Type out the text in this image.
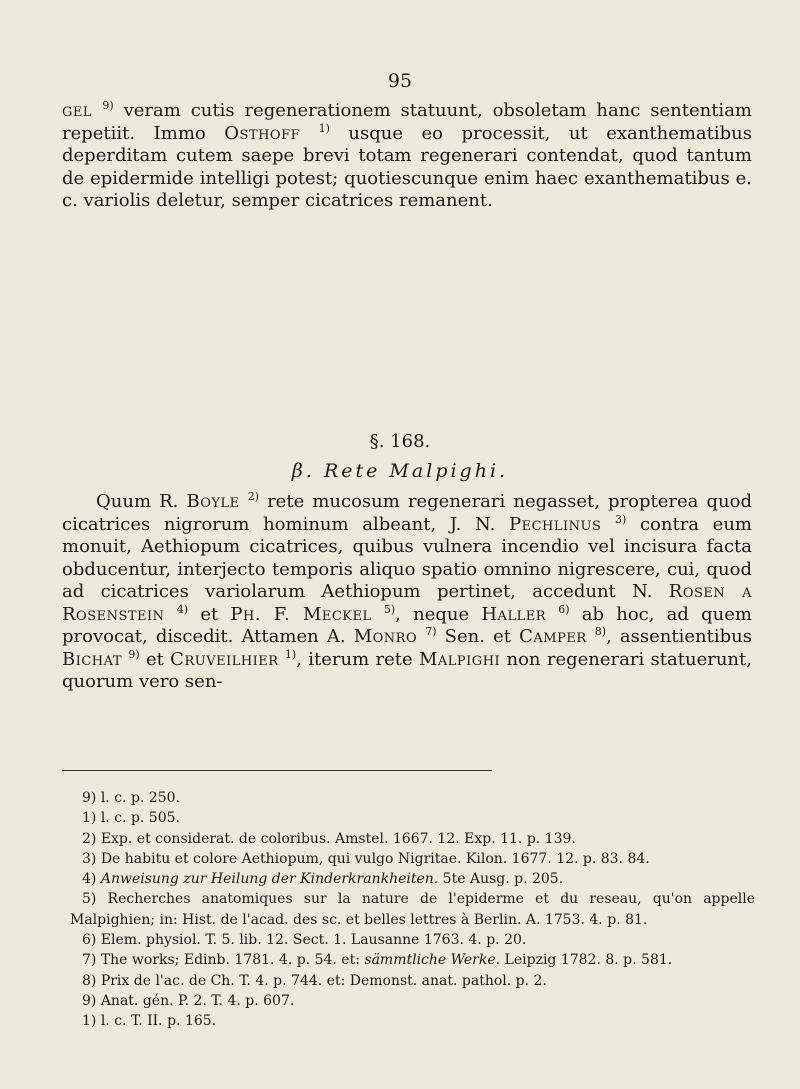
95
gel $^{9)}$ veram cutis regenerationem statuunt, obsoletam hanc sententiam repetiit. Immo Osthoff $^{1)}$ usque eo processit, ut exanthematibus deperditam cutem saepe brevi totam regenerari contendat, quod tantum de epidermide intelligi potest; quotiescunque enim haec exanthematibus e. c. variolis deletur, semper cicatrices remanent.
§. 168.
β. Rete Malpighi.
Quum R. Boyle $^{2)}$ rete mucosum regenerari negasset, propterea quod cicatrices nigrorum hominum albeant, J. N. Pechlinus $^{3)}$ contra eum monuit, Aethiopum cicatrices, quibus vulnera incendio vel incisura facta obducentur, interjecto temporis aliquo spatio omnino nigrescere, cui, quod ad cicatrices variolarum Aethiopum pertinet, accedunt N. Rosen a Rosenstein $^{4)}$ et Ph. F. Meckel $^{5)}$, neque Haller $^{6)}$ ab hoc, ad quem provocat, discedit. Attamen A. Monro $^{7)}$ Sen. et Camper $^{8)}$, assentientibus Bichat $^{9)}$ et Cruveilhier $^{1)}$, iterum rete Malpighi non regenerari statuerunt, quorum vero sen-
9) l. c. p. 250.
1) l. c. p. 505.
2) Exp. et considerat. de coloribus. Amstel. 1667. 12. Exp. 11. p. 139.
3) De habitu et colore Aethiopum, qui vulgo Nigritae. Kilon. 1677. 12. p. 83. 84.
4) Anweisung zur Heilung der Kinderkrankheiten. 5te Ausg. p. 205.
5) Recherches anatomiques sur la nature de l'epiderme et du reseau, qu'on appelle Malpighien; in: Hist. de l'acad. des sc. et belles lettres à Berlin. A. 1753. 4. p. 81.
6) Elem. physiol. T. 5. lib. 12. Sect. 1. Lausanne 1763. 4. p. 20.
7) The works; Edinb. 1781. 4. p. 54. et: sämmtliche Werke. Leipzig 1782. 8. p. 581.
8) Prix de l'ac. de Ch. T. 4. p. 744. et: Demonst. anat. pathol. p. 2.
9) Anat. gén. P. 2. T. 4. p. 607.
1) l. c. T. II. p. 165.
